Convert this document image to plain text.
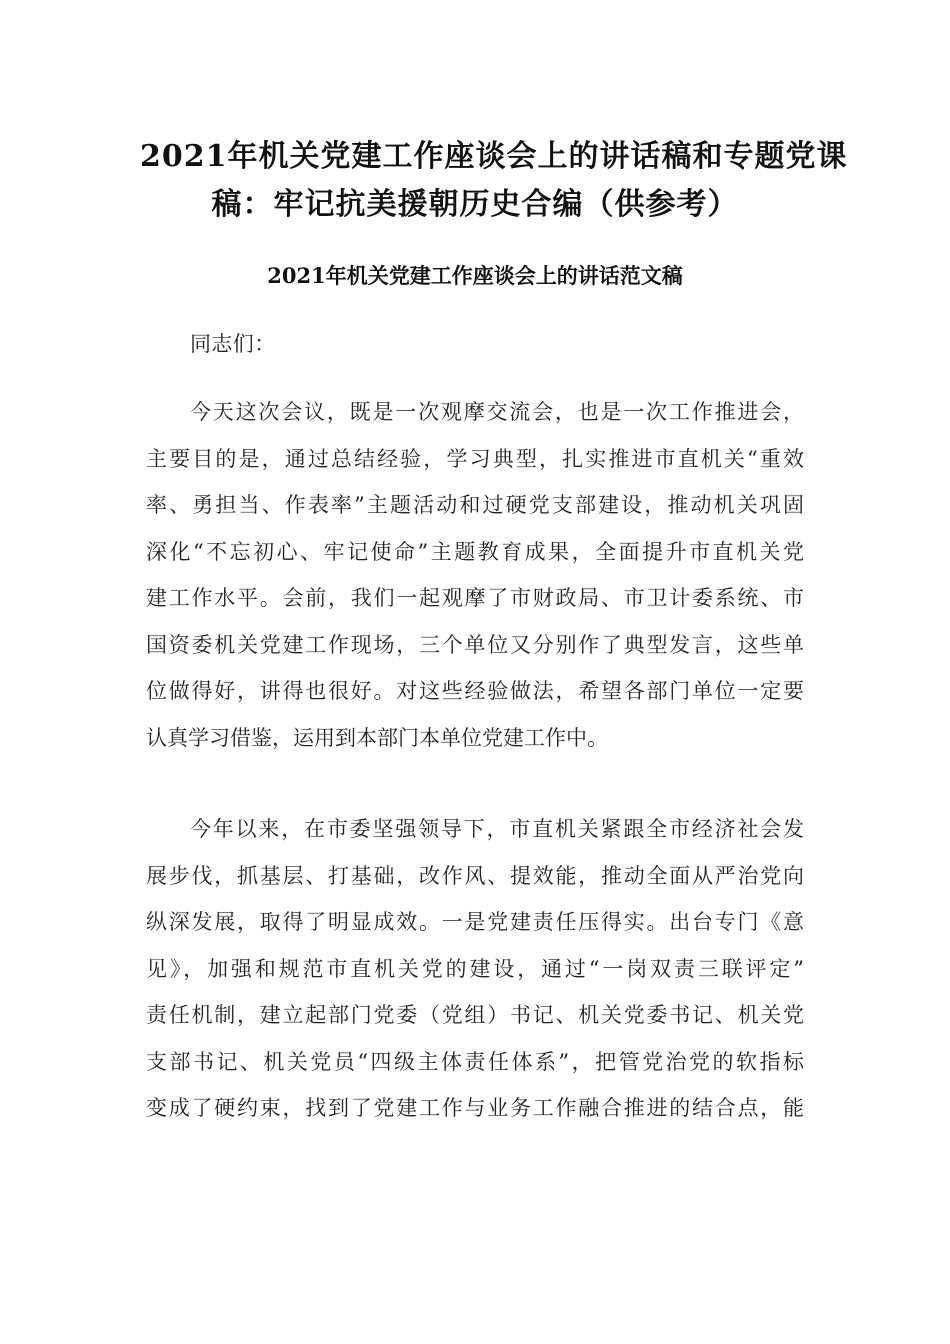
2021年机关党建工作座谈会上的讲话稿和专题党课
稿：牢记抗美援朝历史合编（供参考）
2021年机关党建工作座谈会上的讲话范文稿
同志们：
今天这次会议，既是一次观摩交流会，也是一次工作推进会，
主要目的是，通过总结经验，学习典型，扎实推进市直机关“重效
率、勇担当、作表率”主题活动和过硬党支部建设，推动机关巩固
深化“不忘初心、牢记使命”主题教育成果，全面提升市直机关党
建工作水平。会前，我们一起观摩了市财政局、市卫计委系统、市
国资委机关党建工作现场，三个单位又分别作了典型发言，这些单
位做得好，讲得也很好。对这些经验做法，希望各部门单位一定要
认真学习借鉴，运用到本部门本单位党建工作中。
今年以来，在市委坚强领导下，市直机关紧跟全市经济社会发
展步伐，抓基层、打基础，改作风、提效能，推动全面从严治党向
纵深发展，取得了明显成效。一是党建责任压得实。出台专门《意
见》，加强和规范市直机关党的建设，通过“一岗双责三联评定”
责任机制，建立起部门党委（党组）书记、机关党委书记、机关党
支部书记、机关党员“四级主体责任体系”，把管党治党的软指标
变成了硬约束，找到了党建工作与业务工作融合推进的结合点，能
